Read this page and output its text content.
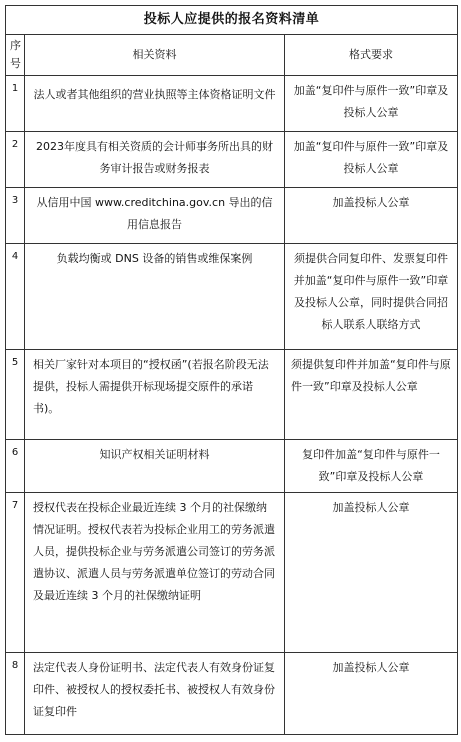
投标人应提供的报名资料清单		
序号	相关资料	格式要求
1	法人或者其他组织的营业执照等主体资格证明文件	加盖“复印件与原件一致”印章及投标人公章
2	2023年度具有相关资质的会计师事务所出具的财务审计报告或财务报表	加盖“复印件与原件一致”印章及投标人公章
3	从信用中国 www.creditchina.gov.cn 导出的信用信息报告	加盖投标人公章
4	负载均衡或 DNS 设备的销售或维保案例	须提供合同复印件、发票复印件并加盖“复印件与原件一致”印章及投标人公章，同时提供合同招标人联系人联络方式
5	相关厂家针对本项目的“授权函”(若报名阶段无法提供，投标人需提供开标现场提交原件的承诺书)。	须提供复印件并加盖“复印件与原件一致”印章及投标人公章
6	知识产权相关证明材料	复印件加盖“复印件与原件一致”印章及投标人公章
7	授权代表在投标企业最近连续 3 个月的社保缴纳情况证明。授权代表若为投标企业用工的劳务派遣人员，提供投标企业与劳务派遣公司签订的劳务派遣协议、派遣人员与劳务派遣单位签订的劳动合同及最近连续 3 个月的社保缴纳证明	加盖投标人公章
8	法定代表人身份证明书、法定代表人有效身份证复印件、被授权人的授权委托书、被授权人有效身份证复印件	加盖投标人公章
